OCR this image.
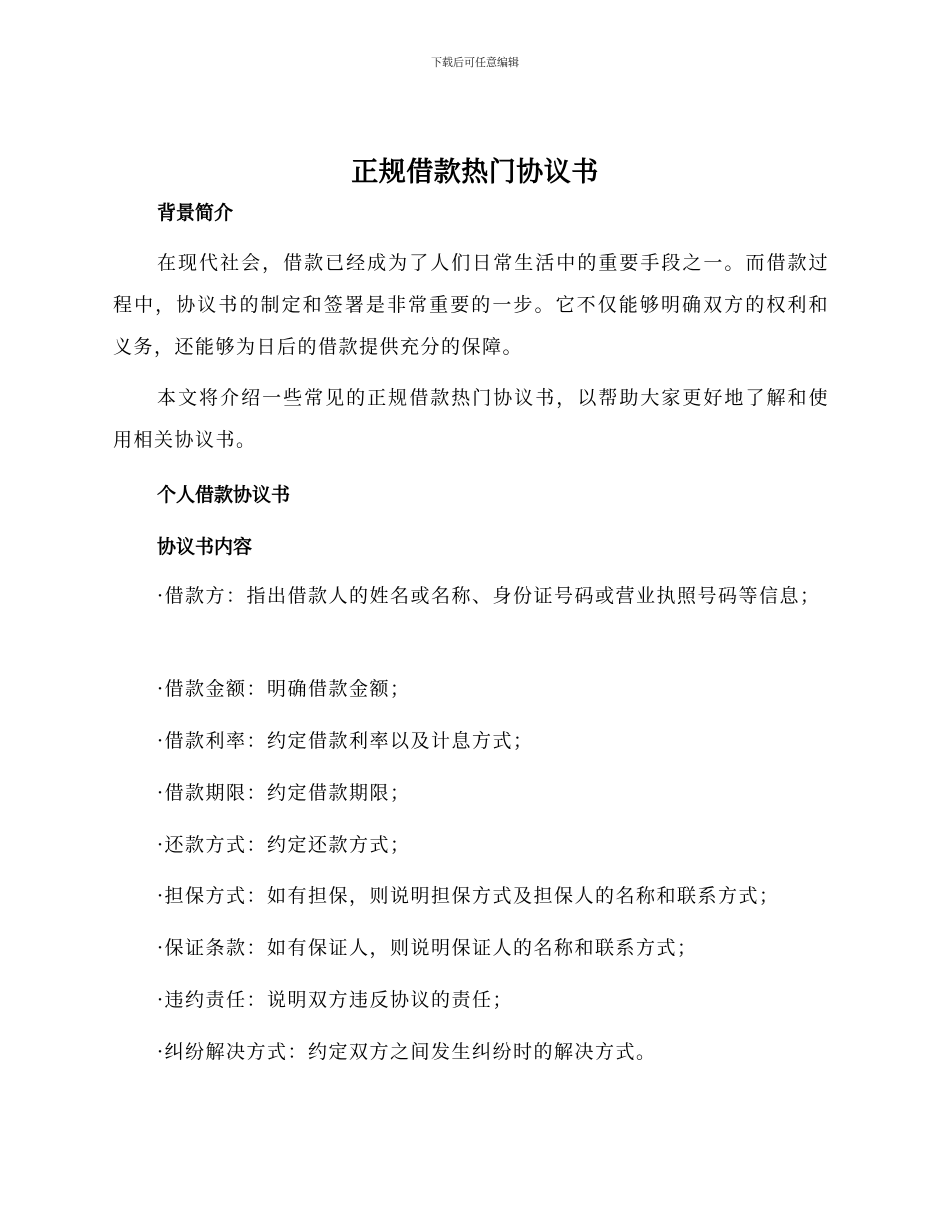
下载后可任意编辑
正规借款热门协议书
背景简介
在现代社会，借款已经成为了人们日常生活中的重要手段之一。而借款过程中，协议书的制定和签署是非常重要的一步。它不仅能够明确双方的权利和义务，还能够为日后的借款提供充分的保障。
本文将介绍一些常见的正规借款热门协议书，以帮助大家更好地了解和使用相关协议书。
个人借款协议书
协议书内容
·借款方：指出借款人的姓名或名称、身份证号码或营业执照号码等信息；
·借款金额：明确借款金额；
·借款利率：约定借款利率以及计息方式；
·借款期限：约定借款期限；
·还款方式：约定还款方式；
·担保方式：如有担保，则说明担保方式及担保人的名称和联系方式；
·保证条款：如有保证人，则说明保证人的名称和联系方式；
·违约责任：说明双方违反协议的责任；
·纠纷解决方式：约定双方之间发生纠纷时的解决方式。
